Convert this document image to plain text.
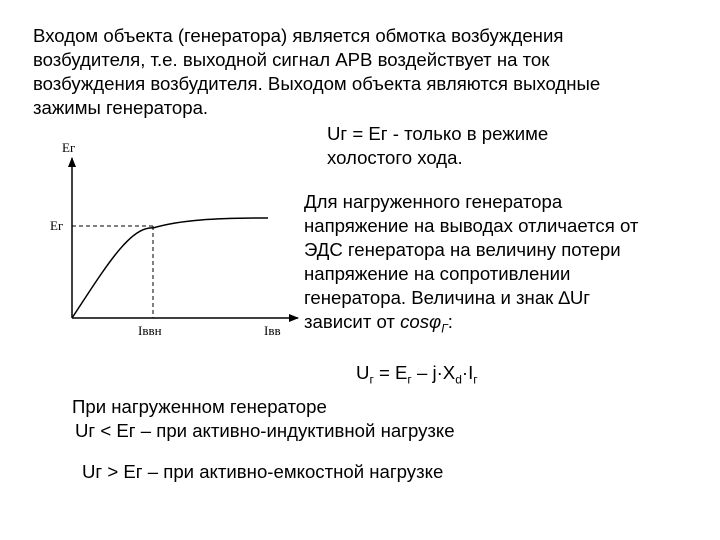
Входом объекта (генератора) является обмотка возбуждения
возбудителя, т.е. выходной сигнал АРВ воздействует на ток
возбуждения возбудителя. Выходом объекта являются выходные
зажимы генератора.
Uг = Ег - только в режиме
холостого хода.
Ег
Ег
Iввн	Iвв
Для нагруженного генератора
напряжение на выводах отличается от
ЭДС генератора на величину потери
напряжение на сопротивлении
генератора. Величина и знак ∆Uг
зависит от cosφ$_Г$:
$U_г = E_г - j\cdot X_d\cdot I_г$
При нагруженном генераторе
Uг < Ег – при активно-индуктивной нагрузке
Uг > Ег – при активно-емкостной нагрузке
